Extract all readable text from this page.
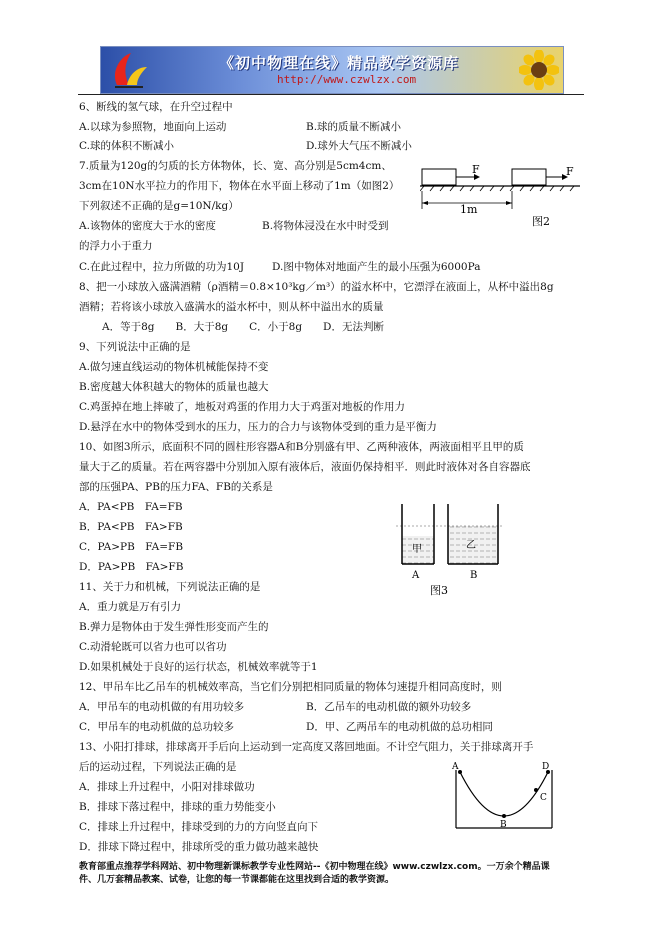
《初中物理在线》精品教学资源库
http://www.czwlzx.com
6、断线的氢气球，在升空过程中
A.以球为参照物，地面向上运动	B.球的质量不断减小
C.球的体积不断减小	D.球外大气压不断减小
7.质量为120g的匀质的长方体物体，长、宽、高分别是5cm4cm、
3cm在10N水平拉力的作用下，物体在水平面上移动了1m（如图2）
下列叙述不正确的是g=10N/kg）
A.该物体的密度大于水的密度	B.将物体浸没在水中时受到
的浮力小于重力
C.在此过程中，拉力所做的功为10J	D.图中物体对地面产生的最小压强为6000Pa
8、把一小球放入盛满酒精（ρ酒精＝0.8×10³kg／m³）的溢水杯中，它漂浮在液面上，从杯中溢出8g
酒精；若将该小球放入盛满水的溢水杯中，则从杯中溢出水的质量
A．等于8g　　B．大于8g　　C．小于8g　　D．无法判断
9、下列说法中正确的是
A.做匀速直线运动的物体机械能保持不变
B.密度越大体积越大的物体的质量也越大
C.鸡蛋掉在地上摔破了，地板对鸡蛋的作用力大于鸡蛋对地板的作用力
D.悬浮在水中的物体受到水的压力，压力的合力与该物体受到的重力是平衡力
10、如图3所示，底面积不同的圆柱形容器A和B分别盛有甲、乙两种液体，两液面相平且甲的质
量大于乙的质量。若在两容器中分别加入原有液体后，液面仍保持相平．则此时液体对各自容器底
部的压强PA、PB的压力FA、FB的关系是
A．PA<PB　FA=FB
B．PA<PB　FA>FB
C．PA>PB　FA=FB
D．PA>PB　FA>FB
11、关于力和机械，下列说法正确的是
A．重力就是万有引力
B.弹力是物体由于发生弹性形变而产生的
C.动滑轮既可以省力也可以省功
D.如果机械处于良好的运行状态，机械效率就等于1
12、甲吊车比乙吊车的机械效率高，当它们分别把相同质量的物体匀速提升相同高度时，则
A．甲吊车的电动机做的有用功较多	B．乙吊车的电动机做的额外功较多
C．甲吊车的电动机做的总功较多	D．甲、乙两吊车的电动机做的总功相同
13、小阳打排球，排球离开手后向上运动到一定高度又落回地面。不计空气阻力，关于排球离开手
后的运动过程，下列说法正确的是
A．排球上升过程中，小阳对排球做功
B．排球下落过程中，排球的重力势能变小
C．排球上升过程中，排球受到的力的方向竖直向下
D．排球下降过程中，排球所受的重力做功越来越快
F	F
1m
图2
甲	乙
A	B
图3
A	D
C
B
教育部重点推荐学科网站、初中物理新课标教学专业性网站--《初中物理在线》www.czwlzx.com。一万余个精品课
件、几万套精品教案、试卷，让您的每一节课都能在这里找到合适的教学资源。
